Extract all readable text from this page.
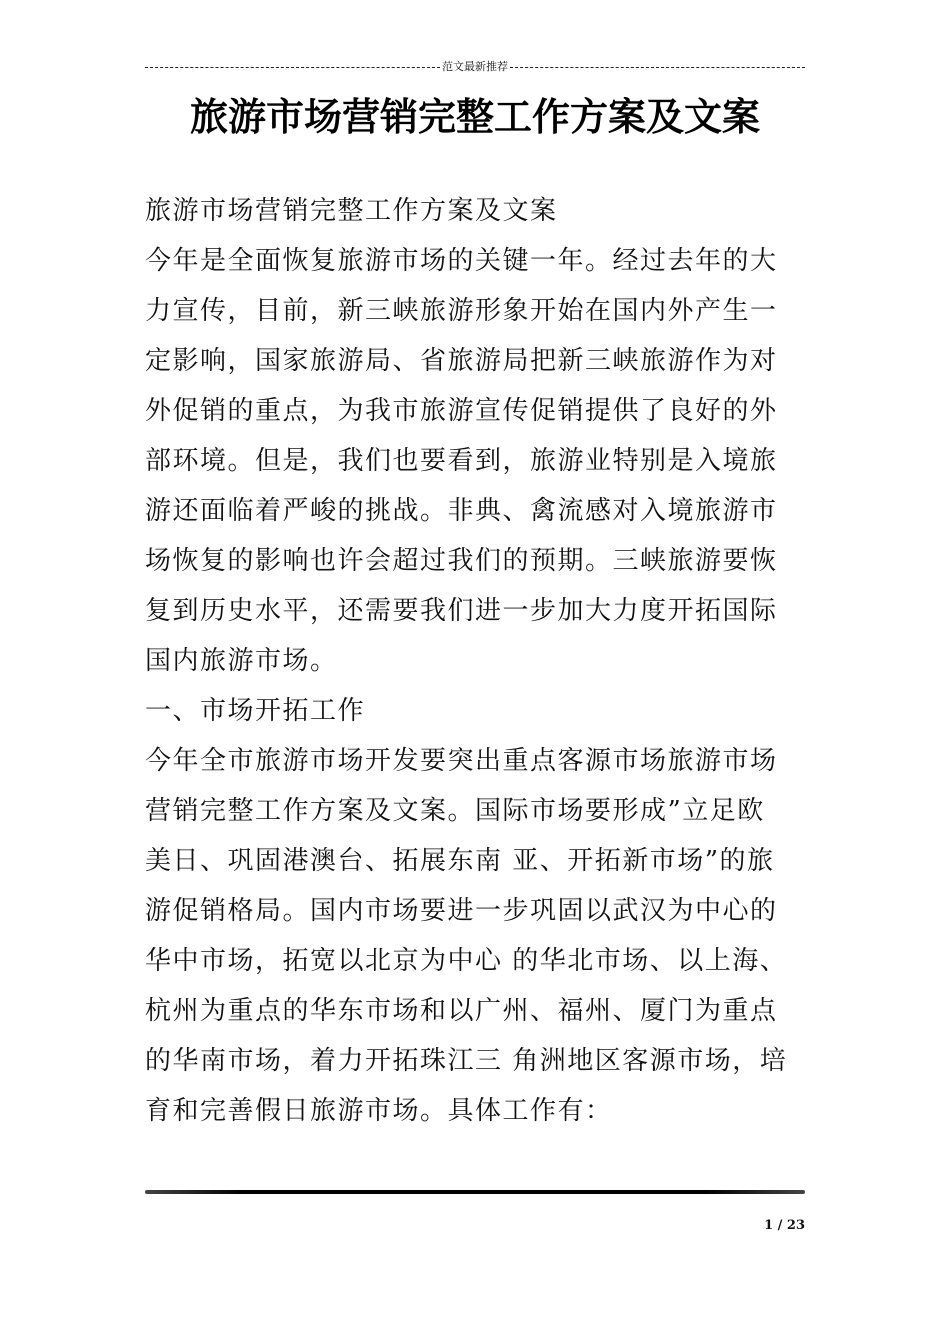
范文最新推荐
旅游市场营销完整工作方案及文案

旅游市场营销完整工作方案及文案

今年是全面恢复旅游市场的关键一年。经过去年的大

力宣传，目前，新三峡旅游形象开始在国内外产生一

定影响，国家旅游局、省旅游局把新三峡旅游作为对

外促销的重点，为我市旅游宣传促销提供了良好的外

部环境。但是，我们也要看到，旅游业特别是入境旅

游还面临着严峻的挑战。非典、禽流感对入境旅游市

场恢复的影响也许会超过我们的预期。三峡旅游要恢

复到历史水平，还需要我们进一步加大力度开拓国际

国内旅游市场。

一、市场开拓工作

今年全市旅游市场开发要突出重点客源市场旅游市场

营销完整工作方案及文案。国际市场要形成”立足欧

美日、巩固港澳台、拓展东南 亚、开拓新市场”的旅

游促销格局。国内市场要进一步巩固以武汉为中心的

华中市场，拓宽以北京为中心 的华北市场、以上海、

杭州为重点的华东市场和以广州、福州、厦门为重点

的华南市场，着力开拓珠江三 角洲地区客源市场，培

育和完善假日旅游市场。具体工作有：

1 / 23
